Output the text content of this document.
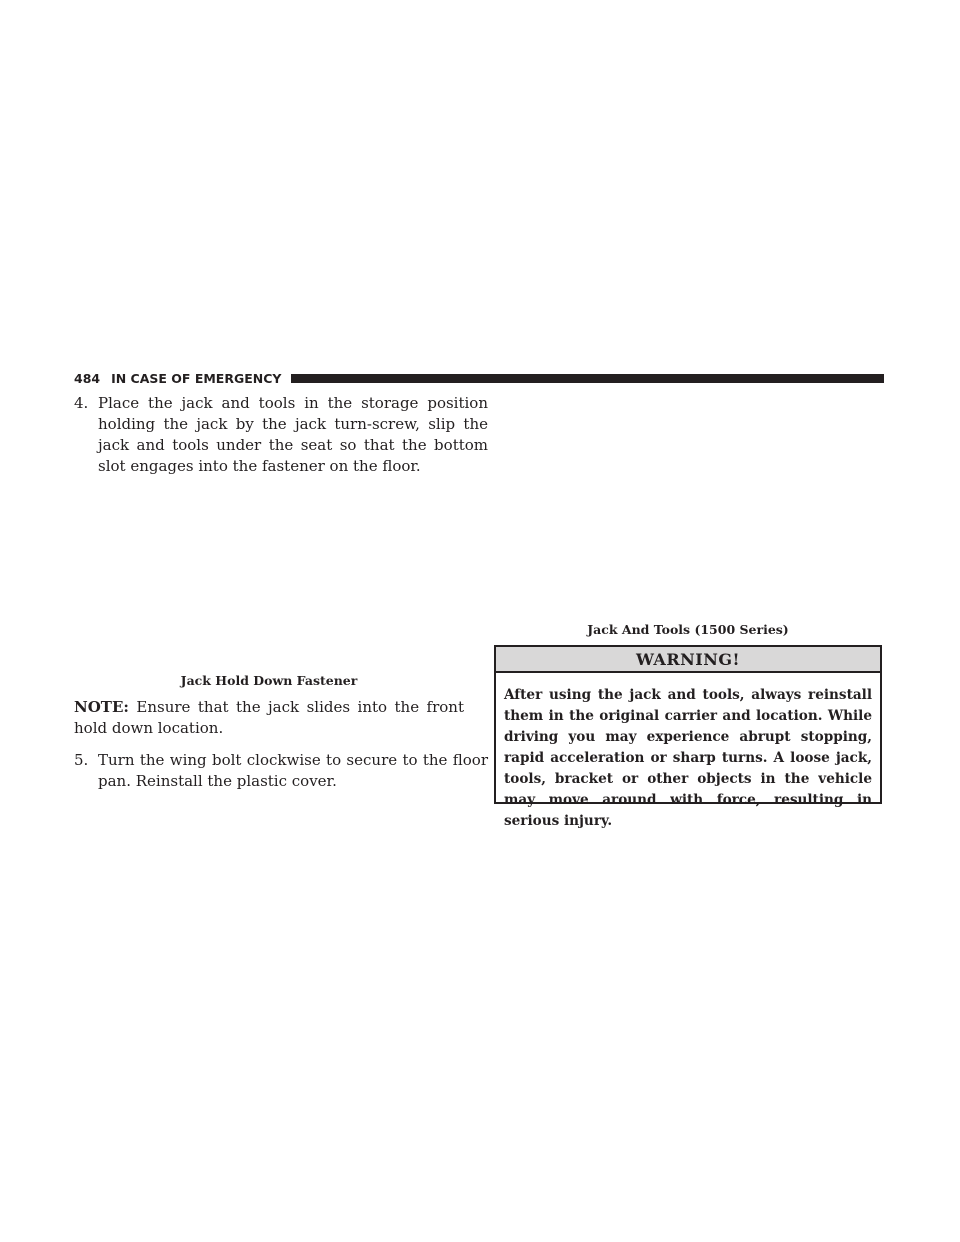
484 IN CASE OF EMERGENCY
4. Place the jack and tools in the storage position holding the jack by the jack turn-screw, slip the jack and tools under the seat so that the bottom slot engages into the fastener on the floor.
Jack Hold Down Fastener
NOTE: Ensure that the jack slides into the front hold down location.
5. Turn the wing bolt clockwise to secure to the floor pan. Reinstall the plastic cover.
Jack And Tools (1500 Series)
WARNING!
After using the jack and tools, always reinstall them in the original carrier and location. While driving you may experience abrupt stopping, rapid acceleration or sharp turns. A loose jack, tools, bracket or other objects in the vehicle may move around with force, resulting in serious injury.
